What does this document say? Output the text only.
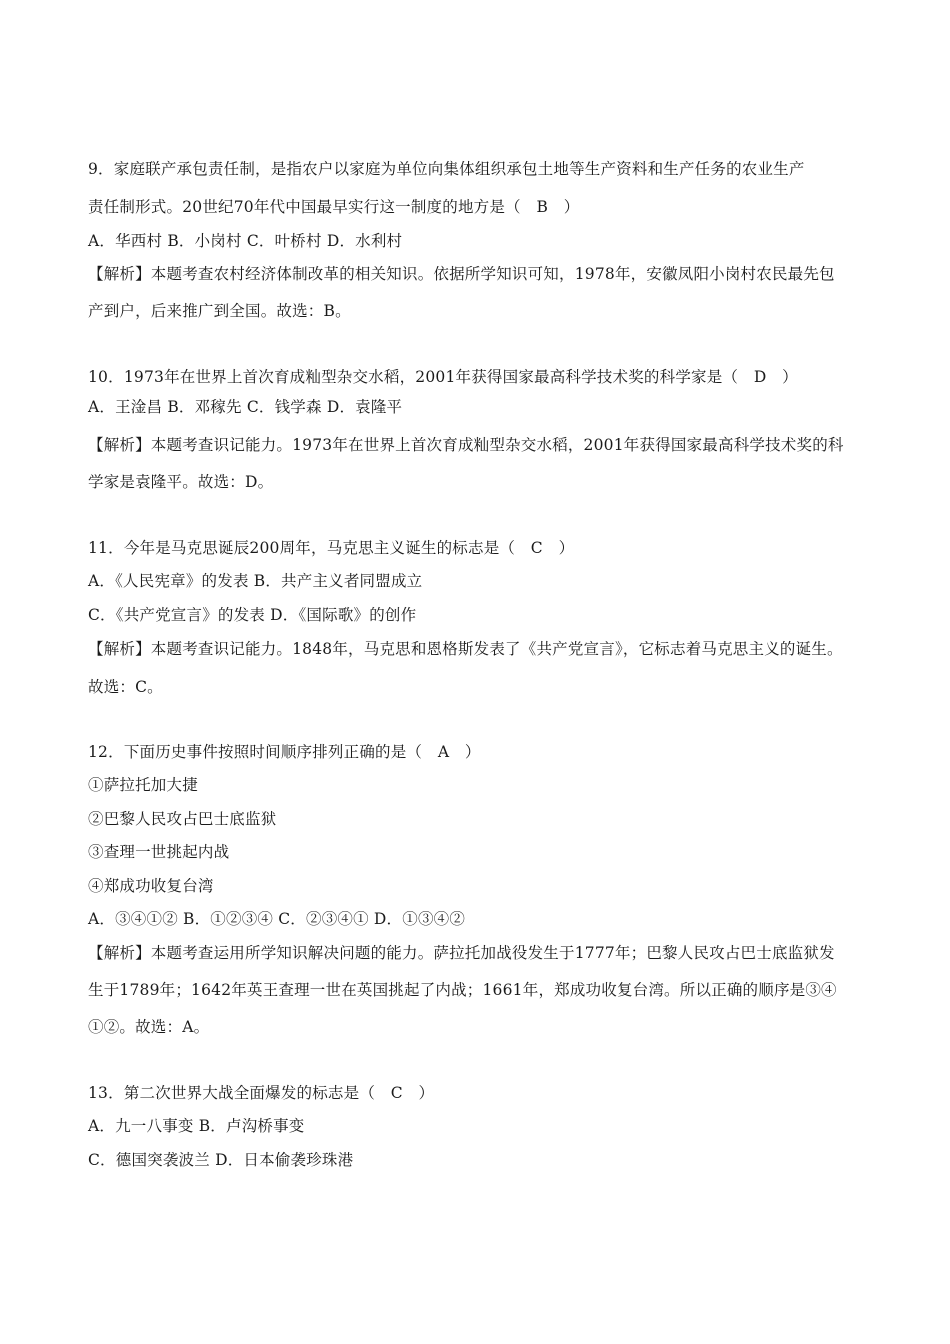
9．家庭联产承包责任制，是指农户以家庭为单位向集体组织承包土地等生产资料和生产任务的农业生产
责任制形式。20世纪70年代中国最早实行这一制度的地方是（　B　）
A．华西村 B．小岗村 C．叶桥村 D．水利村
【解析】本题考查农村经济体制改革的相关知识。依据所学知识可知，1978年，安徽凤阳小岗村农民最先包
产到户，后来推广到全国。故选：B。
10．1973年在世界上首次育成籼型杂交水稻，2001年获得国家最高科学技术奖的科学家是（　D　）
A．王淦昌 B．邓稼先 C．钱学森 D．袁隆平
【解析】本题考查识记能力。1973年在世界上首次育成籼型杂交水稻，2001年获得国家最高科学技术奖的科
学家是袁隆平。故选：D。
11．今年是马克思诞辰200周年，马克思主义诞生的标志是（　C　）
A．《人民宪章》的发表 B．共产主义者同盟成立
C．《共产党宣言》的发表 D．《国际歌》的创作
【解析】本题考查识记能力。1848年，马克思和恩格斯发表了《共产党宣言》，它标志着马克思主义的诞生。
故选：C。
12．下面历史事件按照时间顺序排列正确的是（　A　）
①萨拉托加大捷
②巴黎人民攻占巴士底监狱
③查理一世挑起内战
④郑成功收复台湾
A．③④①② B．①②③④ C．②③④① D．①③④②
【解析】本题考查运用所学知识解决问题的能力。萨拉托加战役发生于1777年；巴黎人民攻占巴士底监狱发
生于1789年；1642年英王查理一世在英国挑起了内战；1661年，郑成功收复台湾。所以正确的顺序是③④
①②。故选：A。
13．第二次世界大战全面爆发的标志是（　C　）
A．九一八事变 B．卢沟桥事变
C．德国突袭波兰 D．日本偷袭珍珠港
